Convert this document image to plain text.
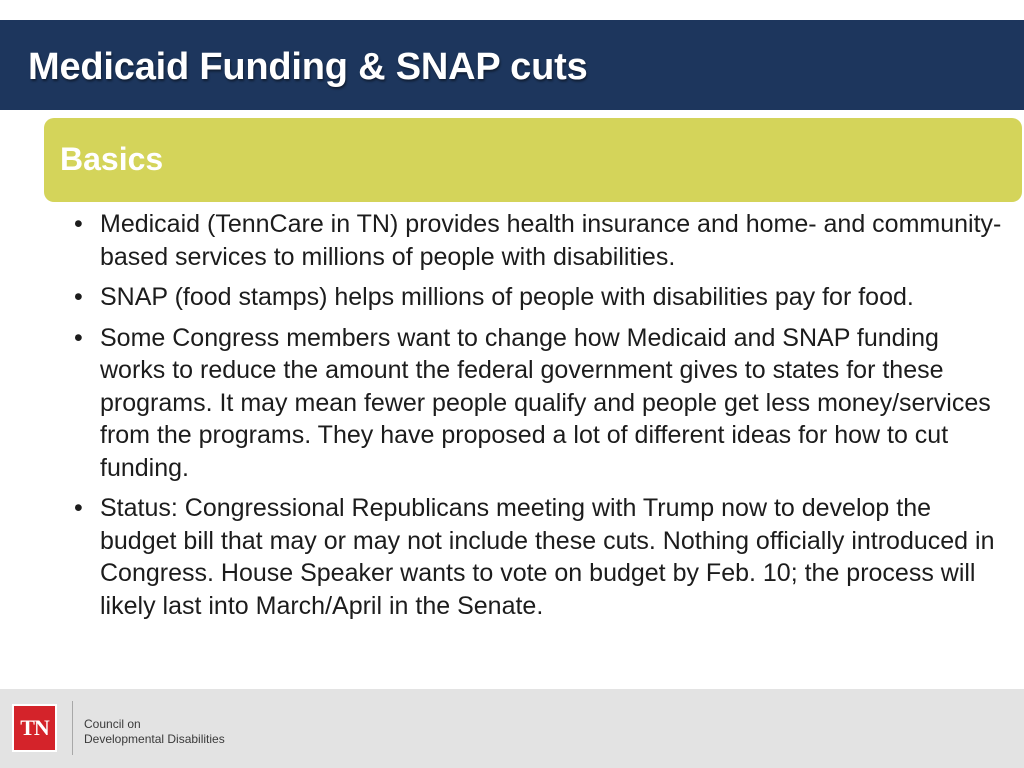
Medicaid Funding & SNAP cuts
Basics
• Medicaid (TennCare in TN) provides health insurance and home- and community-based services to millions of people with disabilities.
• SNAP (food stamps) helps millions of people with disabilities pay for food.
• Some Congress members want to change how Medicaid and SNAP funding works to reduce the amount the federal government gives to states for these programs. It may mean fewer people qualify and people get less money/services from the programs. They have proposed a lot of different ideas for how to cut funding.
• Status: Congressional Republicans meeting with Trump now to develop the budget bill that may or may not include these cuts. Nothing officially introduced in Congress. House Speaker wants to vote on budget by Feb. 10; the process will likely last into March/April in the Senate.
TN	Council on
Developmental Disabilities
